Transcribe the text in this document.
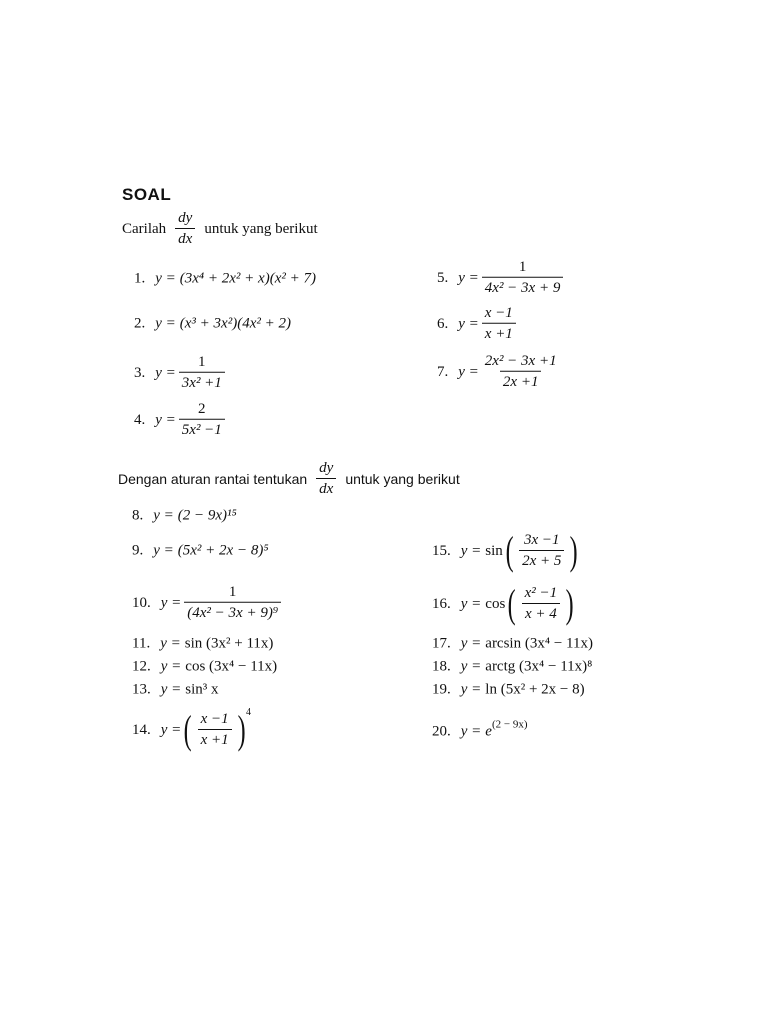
SOAL
Carilah $\frac{dy}{dx}$ untuk yang berikut
1. y = (3x⁴ + 2x² + x)(x² + 7)
2. y = (x³ + 3x²)(4x² + 2)
3. $y = \frac{1}{\text{3x² +1}}$
4. $y = \frac{2}{\text{5x² −1}}$
5. $y = \frac{1}{\text{4x² − 3x + 9}}$
6. $y = \frac{x -1}{x +1}$
7. $y = \frac{\text{2x² − 3x +1}}{2x +1}$
Dengan aturan rantai tentukan $\frac{dy}{dx}$ untuk yang berikut
8. y = (2 − 9x)¹⁵
9. y = (5x² + 2x − 8)⁵
10. $y = \frac{1}{\text{(4x² − 3x + 9)⁹}}$
11. y = sin (3x² + 11x)
12. y = cos (3x⁴ − 11x)
13. y = sin³ x
14. y = ( $\frac{x -1}{x +1}$ ) 4
15. y = sin ( $\frac{3x -1}{2x + 5}$ )
16. y = cos ( $\frac{\text{x² −1}}{x + 4}$ )
17. y = arcsin (3x⁴ − 11x)
18. y = arctg (3x⁴ − 11x)⁸
19. y = ln (5x² + 2x − 8)
20. y = e (2 − 9x)
